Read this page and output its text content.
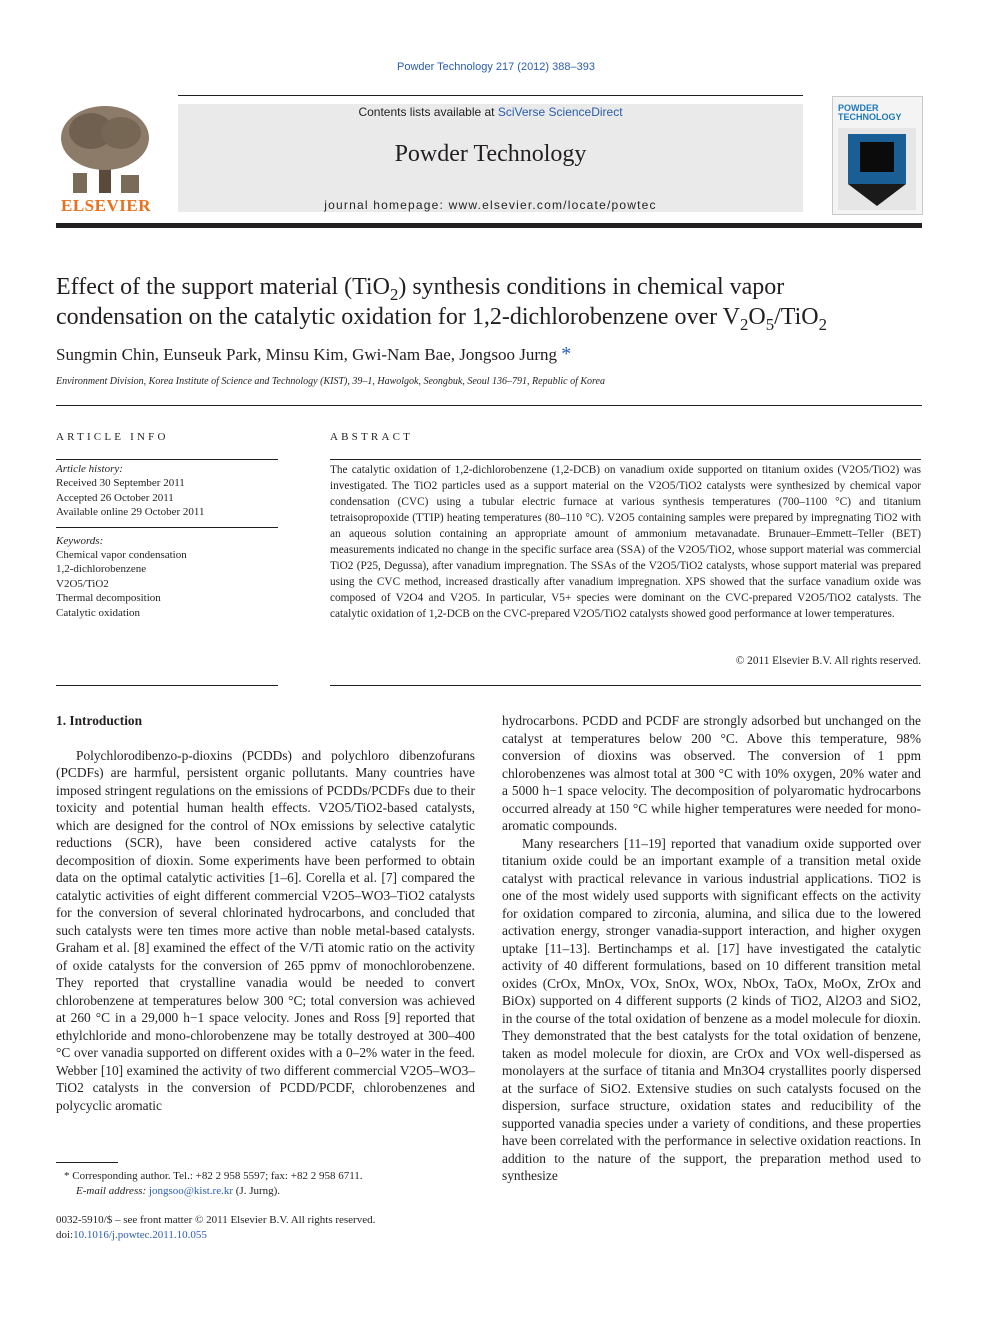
Powder Technology 217 (2012) 388–393
ELSEVIER
Contents lists available at SciVerse ScienceDirect
Powder Technology
journal homepage: www.elsevier.com/locate/powtec
POWDER TECHNOLOGY
Effect of the support material (TiO$_2$) synthesis conditions in chemical vapor
condensation on the catalytic oxidation for 1,2-dichlorobenzene over $V_2O_5/TiO_2$
Sungmin Chin, Eunseuk Park, Minsu Kim, Gwi-Nam Bae, Jongsoo Jurng *
Environment Division, Korea Institute of Science and Technology (KIST), 39–1, Hawolgok, Seongbuk, Seoul 136–791, Republic of Korea
ARTICLE INFO
Article history:
Received 30 September 2011
Accepted 26 October 2011
Available online 29 October 2011
Keywords:
Chemical vapor condensation
1,2-dichlorobenzene
V2O5/TiO2
Thermal decomposition
Catalytic oxidation
ABSTRACT
The catalytic oxidation of 1,2-dichlorobenzene (1,2-DCB) on vanadium oxide supported on titanium oxides (V2O5/TiO2) was investigated. The TiO2 particles used as a support material on the V2O5/TiO2 catalysts were synthesized by chemical vapor condensation (CVC) using a tubular electric furnace at various synthesis temperatures (700–1100 °C) and titanium tetraisopropoxide (TTIP) heating temperatures (80–110 °C). V2O5 containing samples were prepared by impregnating TiO2 with an aqueous solution containing an appropriate amount of ammonium metavanadate. Brunauer–Emmett–Teller (BET) measurements indicated no change in the specific surface area (SSA) of the V2O5/TiO2, whose support material was commercial TiO2 (P25, Degussa), after vanadium impregnation. The SSAs of the V2O5/TiO2 catalysts, whose support material was prepared using the CVC method, increased drastically after vanadium impregnation. XPS showed that the surface vanadium oxide was composed of V2O4 and V2O5. In particular, V5+ species were dominant on the CVC-prepared V2O5/TiO2 catalysts. The catalytic oxidation of 1,2-DCB on the CVC-prepared V2O5/TiO2 catalysts showed good performance at lower temperatures.
© 2011 Elsevier B.V. All rights reserved.
1. Introduction

Polychlorodibenzo-p-dioxins (PCDDs) and polychloro dibenzofurans (PCDFs) are harmful, persistent organic pollutants. Many countries have imposed stringent regulations on the emissions of PCDDs/PCDFs due to their toxicity and potential human health effects. V2O5/TiO2-based catalysts, which are designed for the control of NOx emissions by selective catalytic reductions (SCR), have been considered active catalysts for the decomposition of dioxin. Some experiments have been performed to obtain data on the optimal catalytic activities [1–6]. Corella et al. [7] compared the catalytic activities of eight different commercial V2O5–WO3–TiO2 catalysts for the conversion of several chlorinated hydrocarbons, and concluded that such catalysts were ten times more active than noble metal-based catalysts. Graham et al. [8] examined the effect of the V/Ti atomic ratio on the activity of oxide catalysts for the conversion of 265 ppmv of monochlorobenzene. They reported that crystalline vanadia would be needed to convert chlorobenzene at temperatures below 300 °C; total conversion was achieved at 260 °C in a 29,000 h−1 space velocity. Jones and Ross [9] reported that ethylchloride and mono-chlorobenzene may be totally destroyed at 300–400 °C over vanadia supported on different oxides with a 0–2% water in the feed. Webber [10] examined the activity of two different commercial V2O5–WO3–TiO2 catalysts in the conversion of PCDD/PCDF, chlorobenzenes and polycyclic aromatic

hydrocarbons. PCDD and PCDF are strongly adsorbed but unchanged on the catalyst at temperatures below 200 °C. Above this temperature, 98% conversion of dioxins was observed. The conversion of 1 ppm chlorobenzenes was almost total at 300 °C with 10% oxygen, 20% water and a 5000 h−1 space velocity. The decomposition of polyaromatic hydrocarbons occurred already at 150 °C while higher temperatures were needed for mono-aromatic compounds.

Many researchers [11–19] reported that vanadium oxide supported over titanium oxide could be an important example of a transition metal oxide catalyst with practical relevance in various industrial applications. TiO2 is one of the most widely used supports with significant effects on the activity for oxidation compared to zirconia, alumina, and silica due to the lowered activation energy, stronger vanadia-support interaction, and higher oxygen uptake [11–13]. Bertinchamps et al. [17] have investigated the catalytic activity of 40 different formulations, based on 10 different transition metal oxides (CrOx, MnOx, VOx, SnOx, WOx, NbOx, TaOx, MoOx, ZrOx and BiOx) supported on 4 different supports (2 kinds of TiO2, Al2O3 and SiO2, in the course of the total oxidation of benzene as a model molecule for dioxin. They demonstrated that the best catalysts for the total oxidation of benzene, taken as model molecule for dioxin, are CrOx and VOx well-dispersed as monolayers at the surface of titania and Mn3O4 crystallites poorly dispersed at the surface of SiO2. Extensive studies on such catalysts focused on the dispersion, surface structure, oxidation states and reducibility of the supported vanadia species under a variety of conditions, and these properties have been correlated with the performance in selective oxidation reactions. In addition to the nature of the support, the preparation method used to synthesize

* Corresponding author. Tel.: +82 2 958 5597; fax: +82 2 958 6711.
E-mail address: jongsoo@kist.re.kr (J. Jurng).
0032-5910/$ – see front matter © 2011 Elsevier B.V. All rights reserved.
doi:10.1016/j.powtec.2011.10.055
